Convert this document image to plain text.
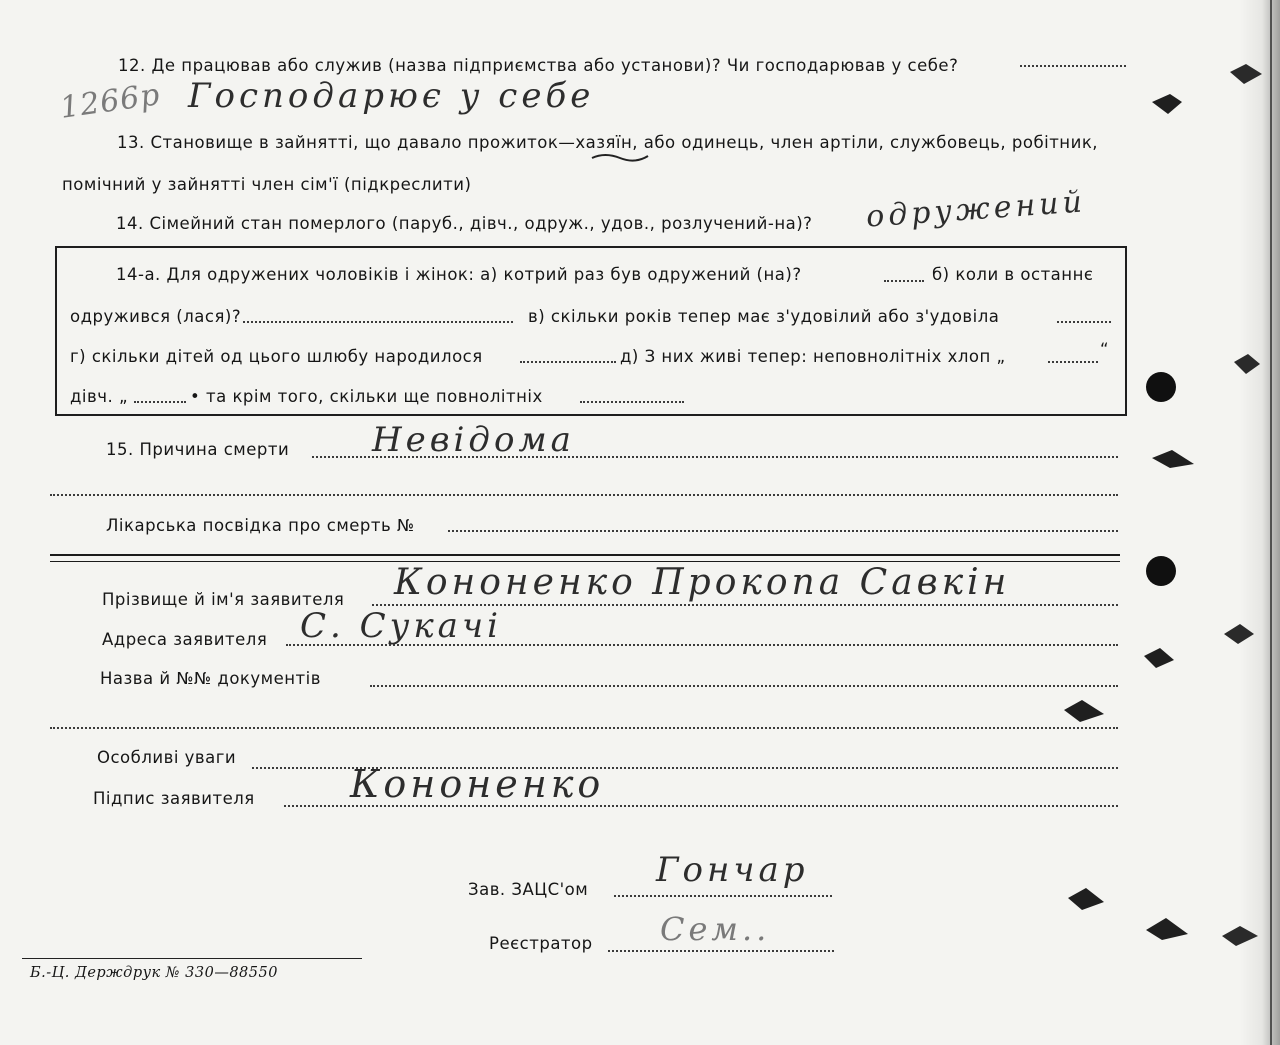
12. Де працював або служив (назва підприємства або установи)? Чи господарював у себе?
1266р Господарює у себе
13. Становище в зайнятті, що давало прожиток—хазяїн, або одинець, член артіли, службовець, робітник,
помічний у зайнятті член сім'ї (підкреслити)
14. Сімейний стан померлого (паруб., дівч., одруж., удов., розлучений-на)? одружений
14-а. Для одружених чоловіків і жінок: а) котрий раз був одружений (на)?	б) коли в останнє
одружився (лася)?	в) скільки років тепер має з'удовілий або з'удовіла
г) скільки дітей од цього шлюбу народилося	д) З них живі тепер: неповнолітніх хлоп „	“
дівч. „	• та крім того, скільки ще повнолітніх
15. Причина смерти Невідома
Лікарська посвідка про смерть №
Прізвище й ім'я заявителя Кононенко Прокопа Савкін
Адреса заявителя С. Сукачі
Назва й №№ документів
Особливі уваги
Підпис заявителя	Кононенко
Зав. ЗАЦС'ом Гончар
Реєстратор Сем..
Б.-Ц. Держдрук № 330—88550
